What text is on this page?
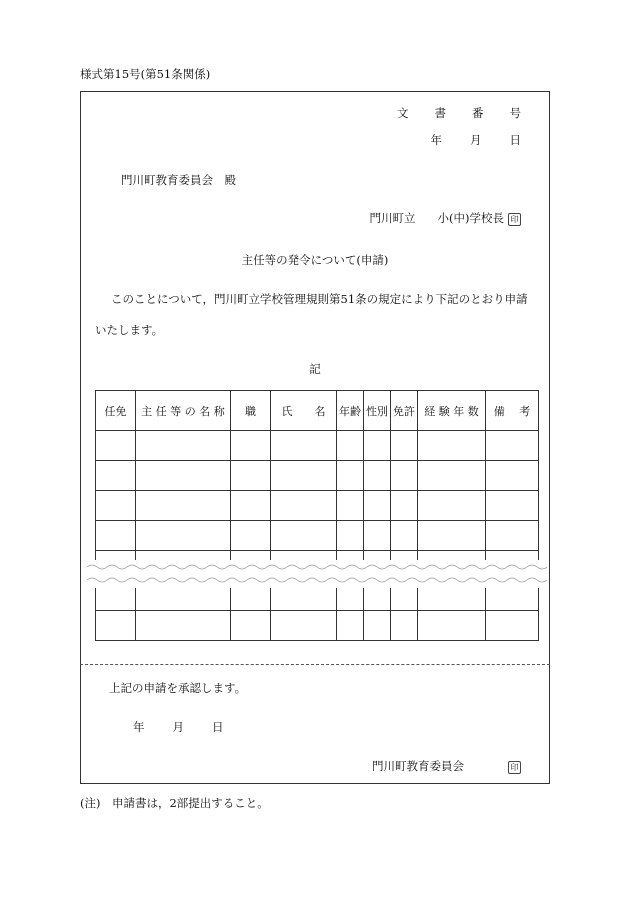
様式第15号(第51条関係)
文 書 番 号
年 月 日
門川町教育委員会　殿
門川町立 小(中)学校長 印
主任等の発令について(申請)
このことについて，門川町立学校管理規則第51条の規定により下記のとおり申請
いたします。
記
任免	主 任 等 の 名 称	職	氏　　名	年齢	性別	免許	経 験 年 数	備　 考

上記の申請を承認します。
年 月 日
門川町教育委員会	印
(注)　申請書は，2部提出すること。
